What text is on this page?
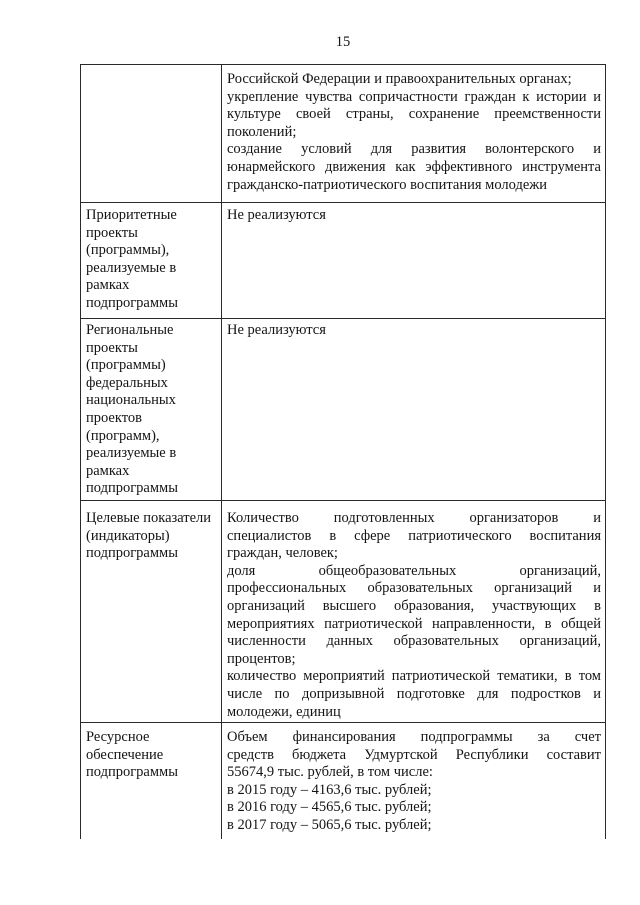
15
Российской Федерации и правоохранительных органах;
укрепление чувства сопричастности граждан к истории и
культуре своей страны, сохранение преемственности
поколений;
создание условий для развития волонтерского и
юнармейского движения как эффективного инструмента
гражданско-патриотического воспитания молодежи
Приоритетные
проекты
(программы),
реализуемые в
рамках
подпрограммы
Не реализуются
Региональные
проекты
(программы)
федеральных
национальных
проектов
(программ),
реализуемые в
рамках
подпрограммы
Не реализуются
Целевые показатели
(индикаторы)
подпрограммы
Количество подготовленных организаторов и
специалистов в сфере патриотического воспитания
граждан, человек;
доля общеобразовательных организаций,
профессиональных образовательных организаций и
организаций высшего образования, участвующих в
мероприятиях патриотической направленности, в общей
численности данных образовательных организаций,
процентов;
количество мероприятий патриотической тематики, в том
числе по допризывной подготовке для подростков и
молодежи, единиц
Ресурсное
обеспечение
подпрограммы
Объем финансирования подпрограммы за счет
средств бюджета Удмуртской Республики составит
55674,9 тыс. рублей, в том числе:
в 2015 году – 4163,6 тыс. рублей;
в 2016 году – 4565,6 тыс. рублей;
в 2017 году – 5065,6 тыс. рублей;
